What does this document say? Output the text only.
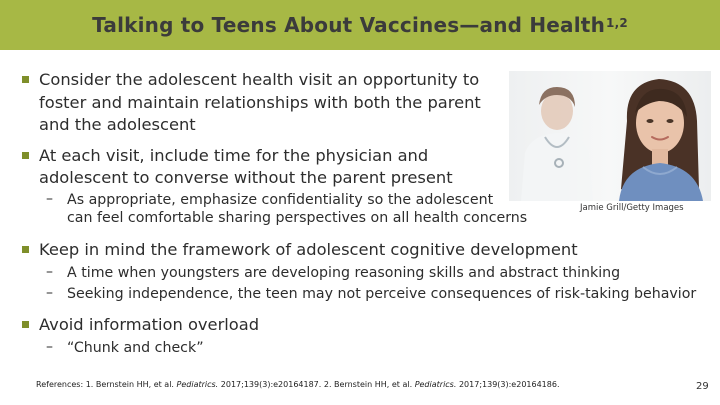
Talking to Teens About Vaccines—and Health$^{1,2}$
Consider the adolescent health visit an opportunity to
foster and maintain relationships with both the parent
and the adolescent
At each visit, include time for the physician and
adolescent to converse without the parent present
– As appropriate, emphasize confidentiality so the adolescent
can feel comfortable sharing perspectives on all health concerns
Jamie Grill/Getty Images
Keep in mind the framework of adolescent cognitive development
– A time when youngsters are developing reasoning skills and abstract thinking
– Seeking independence, the teen may not perceive consequences of risk-taking behavior
Avoid information overload
– “Chunk and check”
References: 1. Bernstein HH, et al. Pediatrics. 2017;139(3):e20164187. 2. Bernstein HH, et al. Pediatrics. 2017;139(3):e20164186.	29
